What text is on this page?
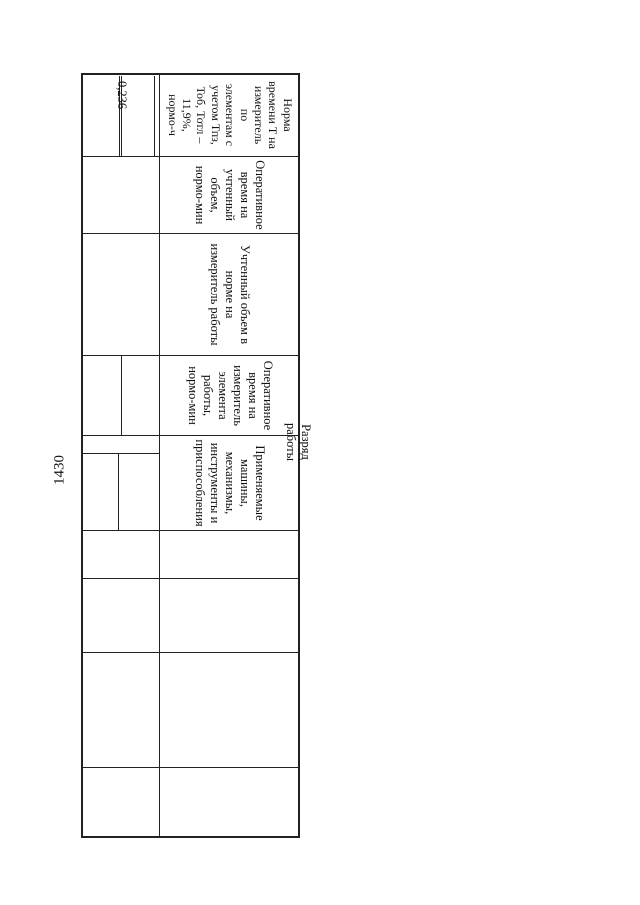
1430
Норма времени Т на измеритель по элементам с учетом Тпз, Тоб, Тотл – 11,9%, нормо-ч
Оперативное время на учтенный объем, нормо-мин
Учтенный объем в норме на измеритель работы
Оперативное время на измеритель элемента работы, нормо-мин
Применяемые машины, механизмы, инструменты и приспособления	Разряд работы
0,236
